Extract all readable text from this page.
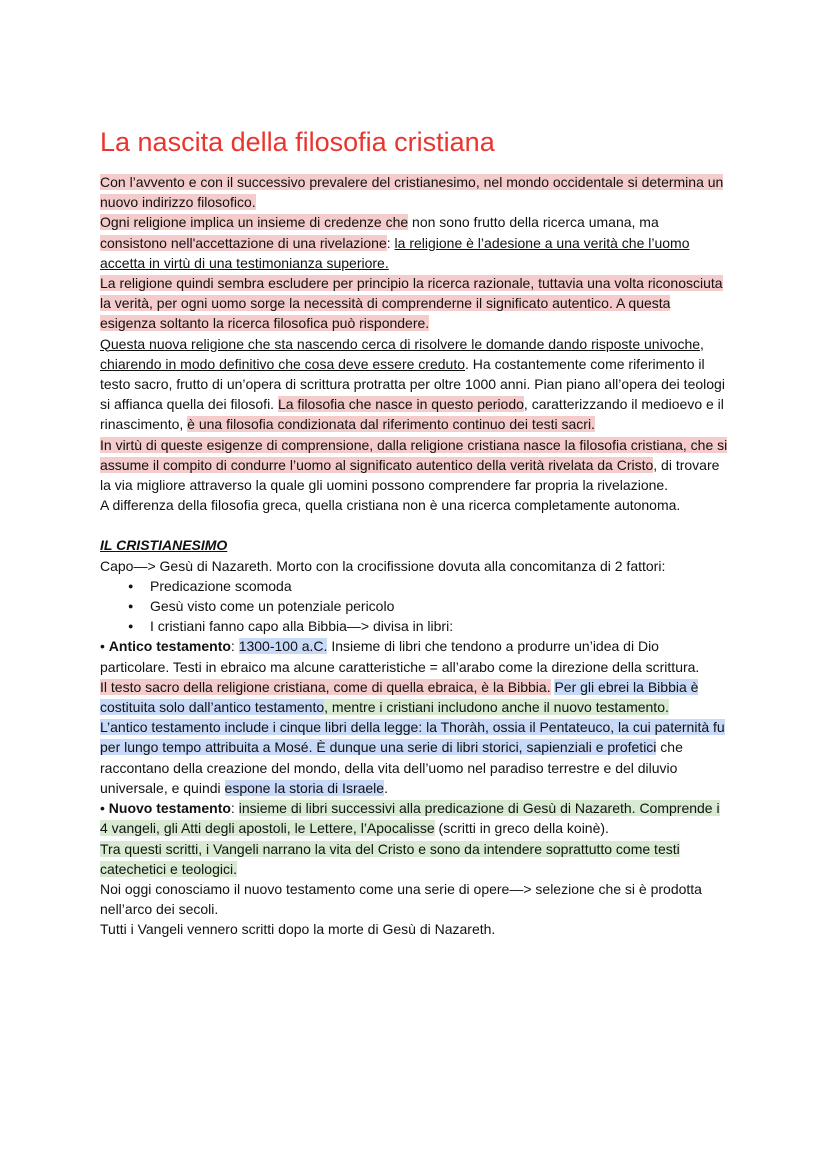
La nascita della filosofia cristiana

Con l’avvento e con il successivo prevalere del cristianesimo, nel mondo occidentale si determina un nuovo indirizzo filosofico.

Ogni religione implica un insieme di credenze che non sono frutto della ricerca umana, ma consistono nell'accettazione di una rivelazione: la religione è l’adesione a una verità che l’uomo accetta in virtù di una testimonianza superiore.

La religione quindi sembra escludere per principio la ricerca razionale, tuttavia una volta riconosciuta la verità, per ogni uomo sorge la necessità di comprenderne il significato autentico. A questa esigenza soltanto la ricerca filosofica può rispondere.

Questa nuova religione che sta nascendo cerca di risolvere le domande dando risposte univoche, chiarendo in modo definitivo che cosa deve essere creduto. Ha costantemente come riferimento il testo sacro, frutto di un’opera di scrittura protratta per oltre 1000 anni. Pian piano all’opera dei teologi si affianca quella dei filosofi. La filosofia che nasce in questo periodo, caratterizzando il medioevo e il rinascimento, è una filosofia condizionata dal riferimento continuo dei testi sacri.

In virtù di queste esigenze di comprensione, dalla religione cristiana nasce la filosofia cristiana, che si assume il compito di condurre l’uomo al significato autentico della verità rivelata da Cristo, di trovare la via migliore attraverso la quale gli uomini possono comprendere far propria la rivelazione.

A differenza della filosofia greca, quella cristiana non è una ricerca completamente autonoma.

IL CRISTIANESIMO

Capo—> Gesù di Nazareth. Morto con la crocifissione dovuta alla concomitanza di 2 fattori:

● Predicazione scomoda
● Gesù visto come un potenziale pericolo
● I cristiani fanno capo alla Bibbia—> divisa in libri:

• Antico testamento: 1300-100 a.C. Insieme di libri che tendono a produrre un’idea di Dio particolare. Testi in ebraico ma alcune caratteristiche = all’arabo come la direzione della scrittura.

Il testo sacro della religione cristiana, come di quella ebraica, è la Bibbia. Per gli ebrei la Bibbia è costituita solo dall’antico testamento, mentre i cristiani includono anche il nuovo testamento.

L’antico testamento include i cinque libri della legge: la Thoràh, ossia il Pentateuco, la cui paternità fu per lungo tempo attribuita a Mosé. È dunque una serie di libri storici, sapienziali e profetici che raccontano della creazione del mondo, della vita dell’uomo nel paradiso terrestre e del diluvio universale, e quindi espone la storia di Israele.

• Nuovo testamento: insieme di libri successivi alla predicazione di Gesù di Nazareth. Comprende i 4 vangeli, gli Atti degli apostoli, le Lettere, l’Apocalisse (scritti in greco della koinè).

Tra questi scritti, i Vangeli narrano la vita del Cristo e sono da intendere soprattutto come testi catechetici e teologici.

Noi oggi conosciamo il nuovo testamento come una serie di opere—> selezione che si è prodotta nell’arco dei secoli.

Tutti i Vangeli vennero scritti dopo la morte di Gesù di Nazareth.
